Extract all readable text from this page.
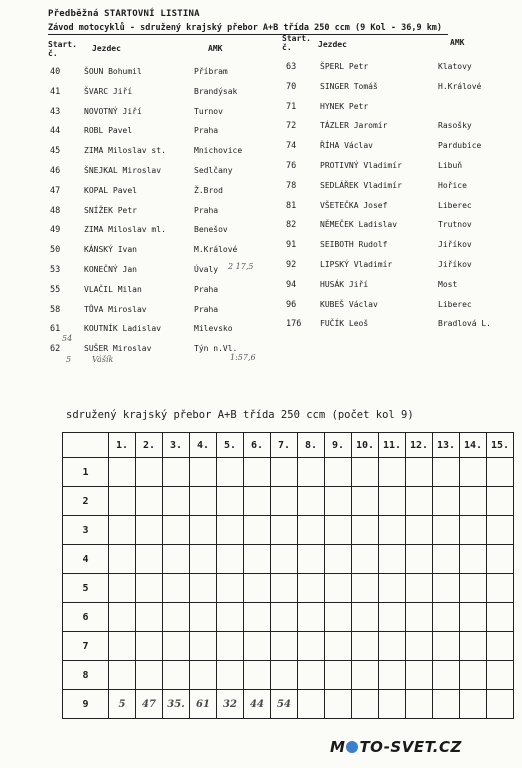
Předběžná STARTOVNÍ LISTINA
Závod motocyklů - sdružený krajský přebor A+B třída 250 ccm (9 Kol - 36,9 km)
Start. č.
Jezdec	AMK
Start. č.	Jezdec	AMK
40	ŠOUN Bohumil	Příbram
41	ŠVARC Jiří	Brandýsak
43	NOVOTNÝ Jiří	Turnov
44	ROBL Pavel	Praha
45	ZIMA Miloslav st.	Mnichovice
46	ŠNEJKAL Miroslav	Sedlčany
47	KOPAL Pavel	Ž.Brod
48	SNÍŽEK Petr	Praha
49	ZIMA Miloslav ml.	Benešov
50	KÁNSKÝ Ivan	M.Králové
53	KONEČNÝ Jan	Úvaly
55	VLAČIL Milan	Praha
58	TŮVA Miroslav	Praha
61	KOUTNÍK Ladislav	Milevsko
62	SUŠER Miroslav	Týn n.Vl.
63	ŠPERL Petr	Klatovy
70	SINGER Tomáš	H.Králové
71	HYNEK Petr
72	TÁZLER Jaromír	Rasošky
74	ŘÍHA Václav	Pardubice
76	PROTIVNÝ Vladimír	Libuň
78	SEDLÁŘEK Vladimír	Hořice
81	VŠETEČKA Josef	Liberec
82	NĚMEČEK Ladislav	Trutnov
91	SEIBOTH Rudolf	Jiříkov
92	LIPSKÝ Vladimír	Jiříkov
94	HUSÁK Jiří	Most
96	KUBEŠ Václav	Liberec
176 FUČÍK Leoš	Bradlová L.
2 17,5
54
5	Vášík	1:57,6
sdružený krajský přebor A+B třída 250 ccm (počet kol 9)
	1.	2.	3.	4.	5.	6.	7.	8.	9.	10.	11.	12.	13.	14.	15.
1															
2															
3															
4															
5															
6															
7															
8															
9	5	47	35.	61	32	44	54								
M TO-SVET.CZ
